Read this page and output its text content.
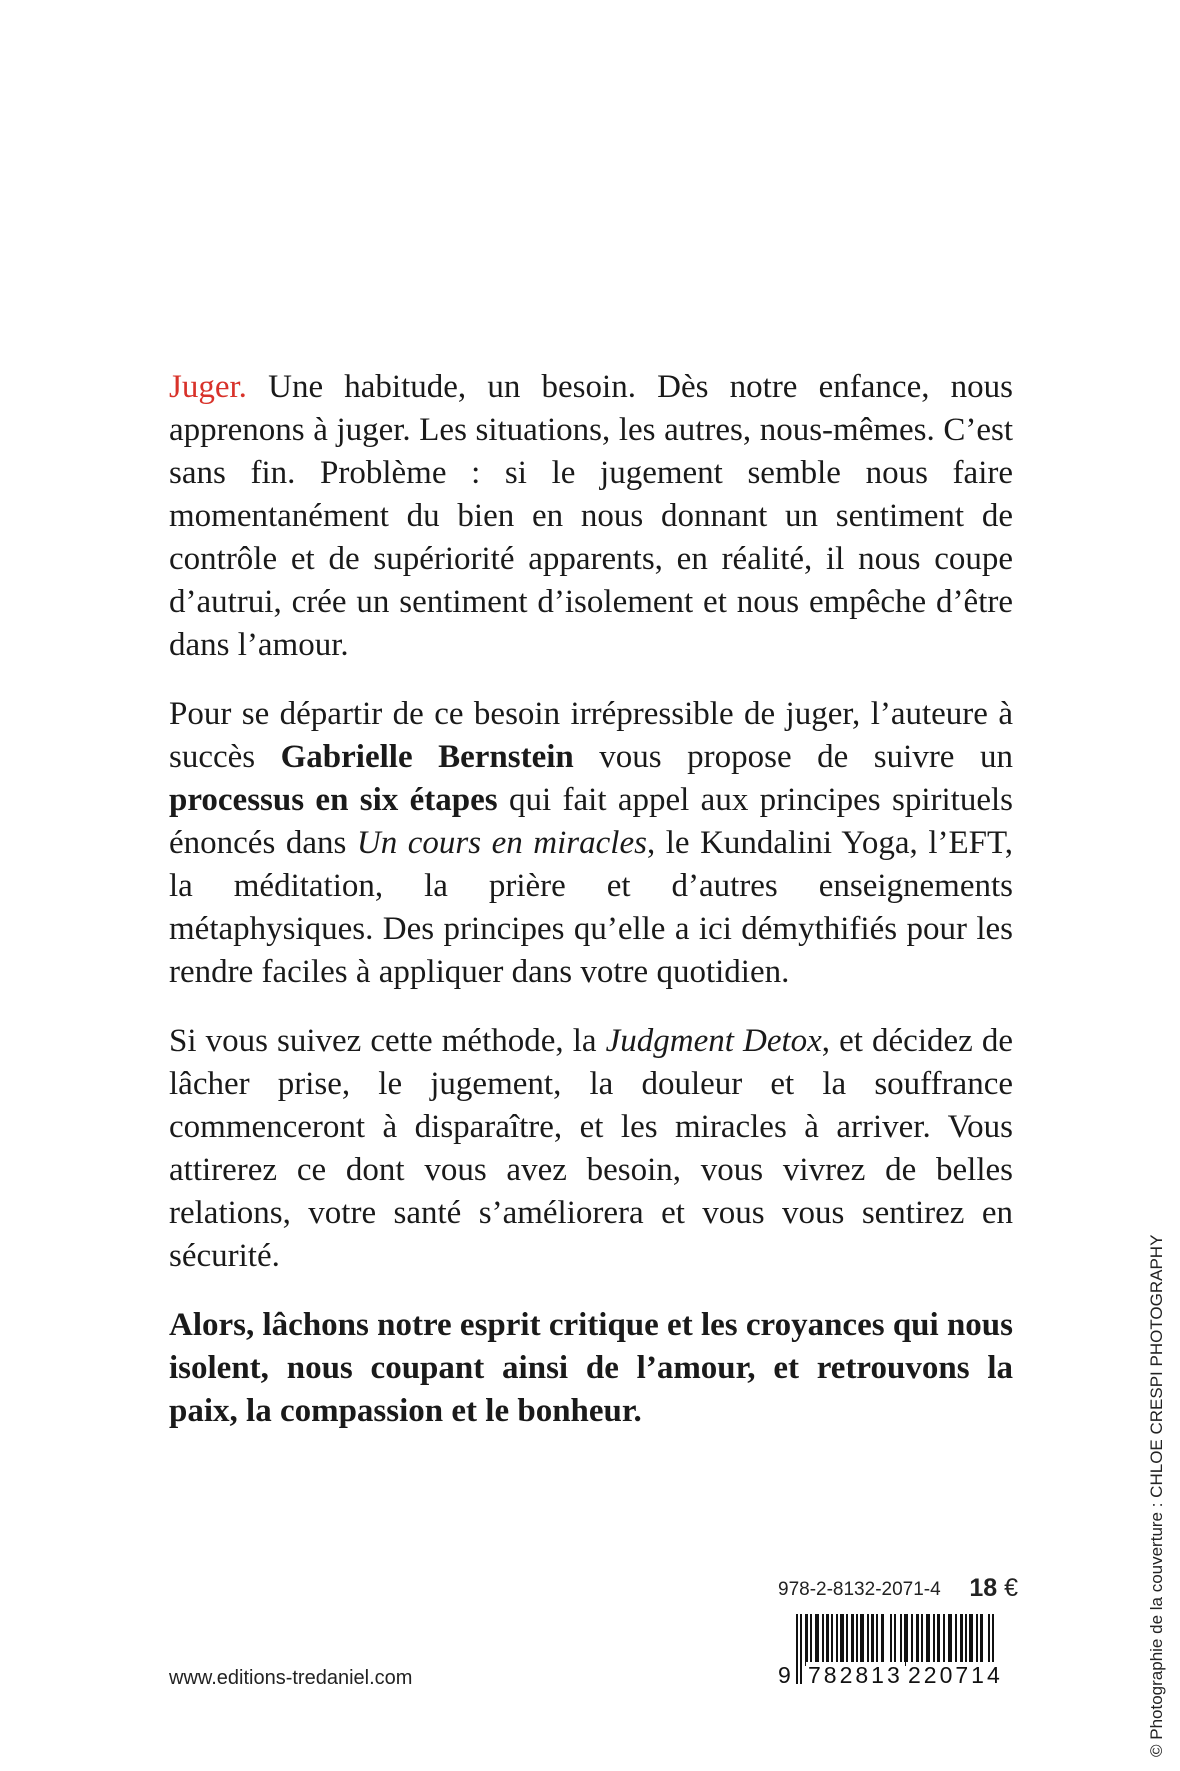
Juger. Une habitude, un besoin. Dès notre enfance, nous apprenons à juger. Les situations, les autres, nous-mêmes. C’est sans fin. Problème : si le jugement semble nous faire momentanément du bien en nous donnant un sentiment de contrôle et de supériorité apparents, en réalité, il nous coupe d’autrui, crée un sentiment d’isolement et nous empêche d’être dans l’amour.

Pour se départir de ce besoin irrépressible de juger, l’auteure à succès Gabrielle Bernstein vous propose de suivre un processus en six étapes qui fait appel aux principes spirituels énoncés dans Un cours en miracles, le Kundalini Yoga, l’EFT, la méditation, la prière et d’autres enseignements métaphysiques. Des principes qu’elle a ici démythifiés pour les rendre faciles à appliquer dans votre quotidien.

Si vous suivez cette méthode, la Judgment Detox, et décidez de lâcher prise, le jugement, la douleur et la souffrance commenceront à disparaître, et les miracles à arriver. Vous attirerez ce dont vous avez besoin, vous vivrez de belles relations, votre santé s’améliorera et vous vous sentirez en sécurité.

Alors, lâchons notre esprit critique et les croyances qui nous isolent, nous coupant ainsi de l’amour, et retrouvons la paix, la compassion et le bonheur.	© Photographie de la couverture : CHLOE CRESPI PHOTOGRAPHY
www.editions-tredaniel.com
978-2-8132-2071-4 18 €
9 782813 220714
